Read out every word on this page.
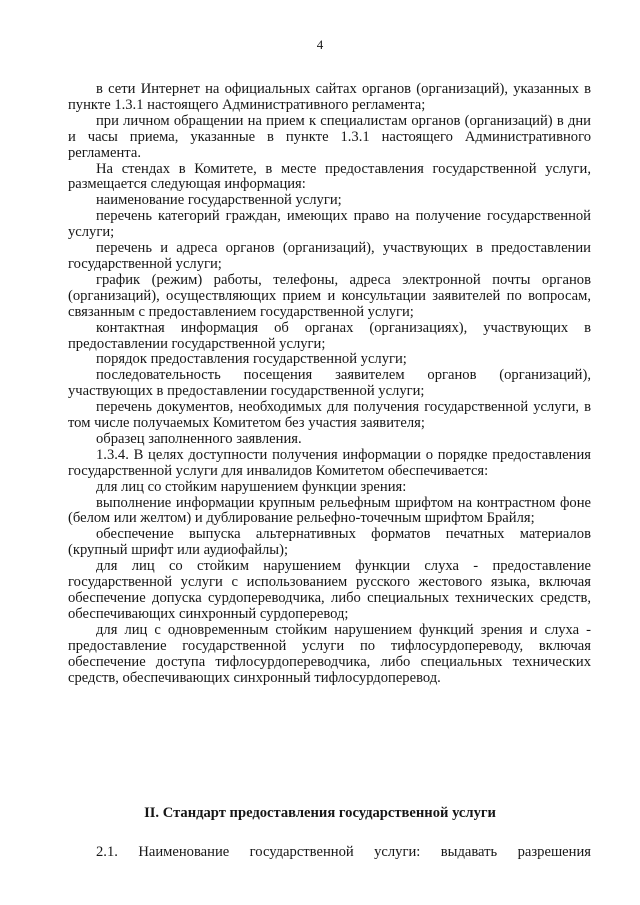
4

в сети Интернет на официальных сайтах органов (организаций), указанных в пункте 1.3.1 настоящего Административного регламента;

при личном обращении на прием к специалистам органов (организаций) в дни и часы приема, указанные в пункте 1.3.1 настоящего Административного регламента.

На стендах в Комитете, в месте предоставления государственной услуги, размещается следующая информация:

наименование государственной услуги;

перечень категорий граждан, имеющих право на получение государственной услуги;

перечень и адреса органов (организаций), участвующих в предоставлении государственной услуги;

график (режим) работы, телефоны, адреса электронной почты органов (организаций), осуществляющих прием и консультации заявителей по вопросам, связанным с предоставлением государственной услуги;

контактная информация об органах (организациях), участвующих в предоставлении государственной услуги;

порядок предоставления государственной услуги;

последовательность посещения заявителем органов (организаций), участвующих в предоставлении государственной услуги;

перечень документов, необходимых для получения государственной услуги, в том числе получаемых Комитетом без участия заявителя;

образец заполненного заявления.

1.3.4. В целях доступности получения информации о порядке предоставления государственной услуги для инвалидов Комитетом обеспечивается:

для лиц со стойким нарушением функции зрения:

выполнение информации крупным рельефным шрифтом на контрастном фоне (белом или желтом) и дублирование рельефно-точечным шрифтом Брайля;

обеспечение выпуска альтернативных форматов печатных материалов (крупный шрифт или аудиофайлы);

для лиц со стойким нарушением функции слуха - предоставление государственной услуги с использованием русского жестового языка, включая обеспечение допуска сурдопереводчика, либо специальных технических средств, обеспечивающих синхронный сурдоперевод;

для лиц с одновременным стойким нарушением функций зрения и слуха - предоставление государственной услуги по тифлосурдопереводу, включая обеспечение доступа тифлосурдопереводчика, либо специальных технических средств, обеспечивающих синхронный тифлосурдоперевод.

II. Стандарт предоставления государственной услуги
2.1. Наименование государственной услуги: выдавать разрешения
